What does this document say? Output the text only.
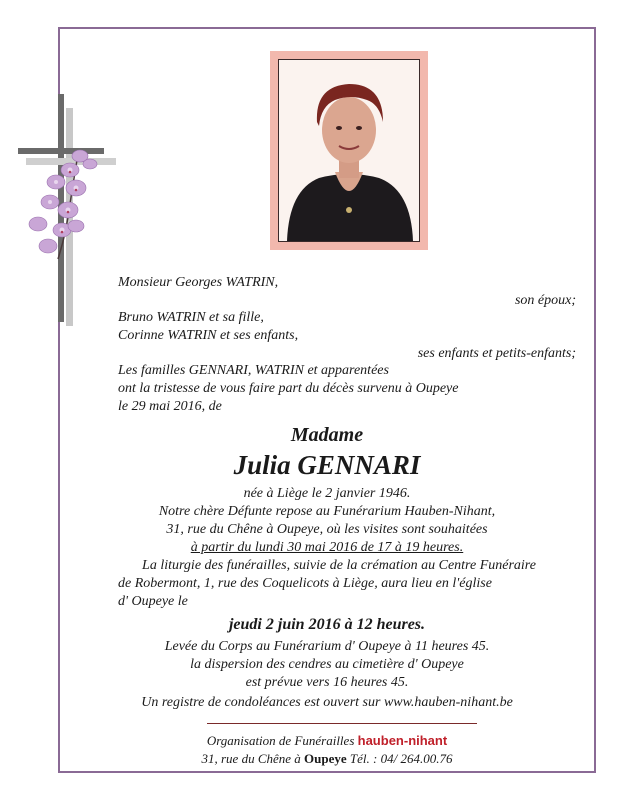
Monsieur Georges WATRIN,
son époux;
Bruno WATRIN et sa fille,
Corinne WATRIN et ses enfants,
ses enfants et petits-enfants;
Les familles GENNARI, WATRIN et apparentées
ont la tristesse de vous faire part du décès survenu à Oupeye
le 29 mai 2016, de
Madame
Julia GENNARI
née à Liège le 2 janvier 1946.
Notre chère Défunte repose au Funérarium Hauben-Nihant,
31, rue du Chêne à Oupeye, où les visites sont souhaitées
à partir du lundi 30 mai 2016 de 17 à 19 heures.
La liturgie des funérailles, suivie de la crémation au Centre Funéraire
de Robermont, 1, rue des Coquelicots à Liège, aura lieu en l'église
d' Oupeye le
jeudi 2 juin 2016 à 12 heures.
Levée du Corps au Funérarium d' Oupeye à 11 heures 45.
la dispersion des cendres au cimetière d' Oupeye
est prévue vers 16 heures 45.
Un registre de condoléances est ouvert sur www.hauben-nihant.be
Organisation de Funérailles hauben-nihant
31, rue du Chêne à Oupeye Tél. : 04/ 264.00.76
